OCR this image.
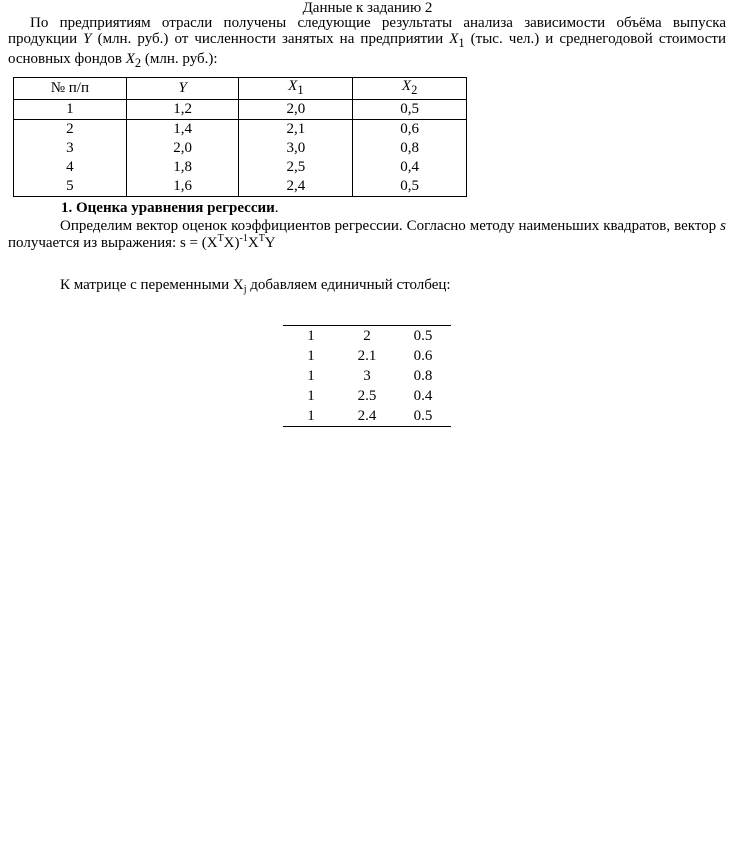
Данные к заданию 2
По предприятиям отрасли получены следующие результаты анализа зависимости объёма выпуска продукции Y (млн. руб.) от численности занятых на предприятии $X_1$ (тыс. чел.) и среднегодовой стоимости основных фондов $X_2$ (млн. руб.):
№ п/п	Y	$X_1$	$X_2$
1	1,2	2,0	0,5
2	1,4	2,1	0,6
3	2,0	3,0	0,8
4	1,8	2,5	0,4
5	1,6	2,4	0,5
1. Оценка уравнения регрессии.
Определим вектор оценок коэффициентов регрессии. Согласно методу наименьших квадратов, вектор s получается из выражения: $s = (X^TX)^{-1}X^TY$
К матрице с переменными $X_j$ добавляем единичный столбец:
1	2	0.5
1	2.1	0.6
1	3	0.8
1	2.5	0.4
1	2.4	0.5
